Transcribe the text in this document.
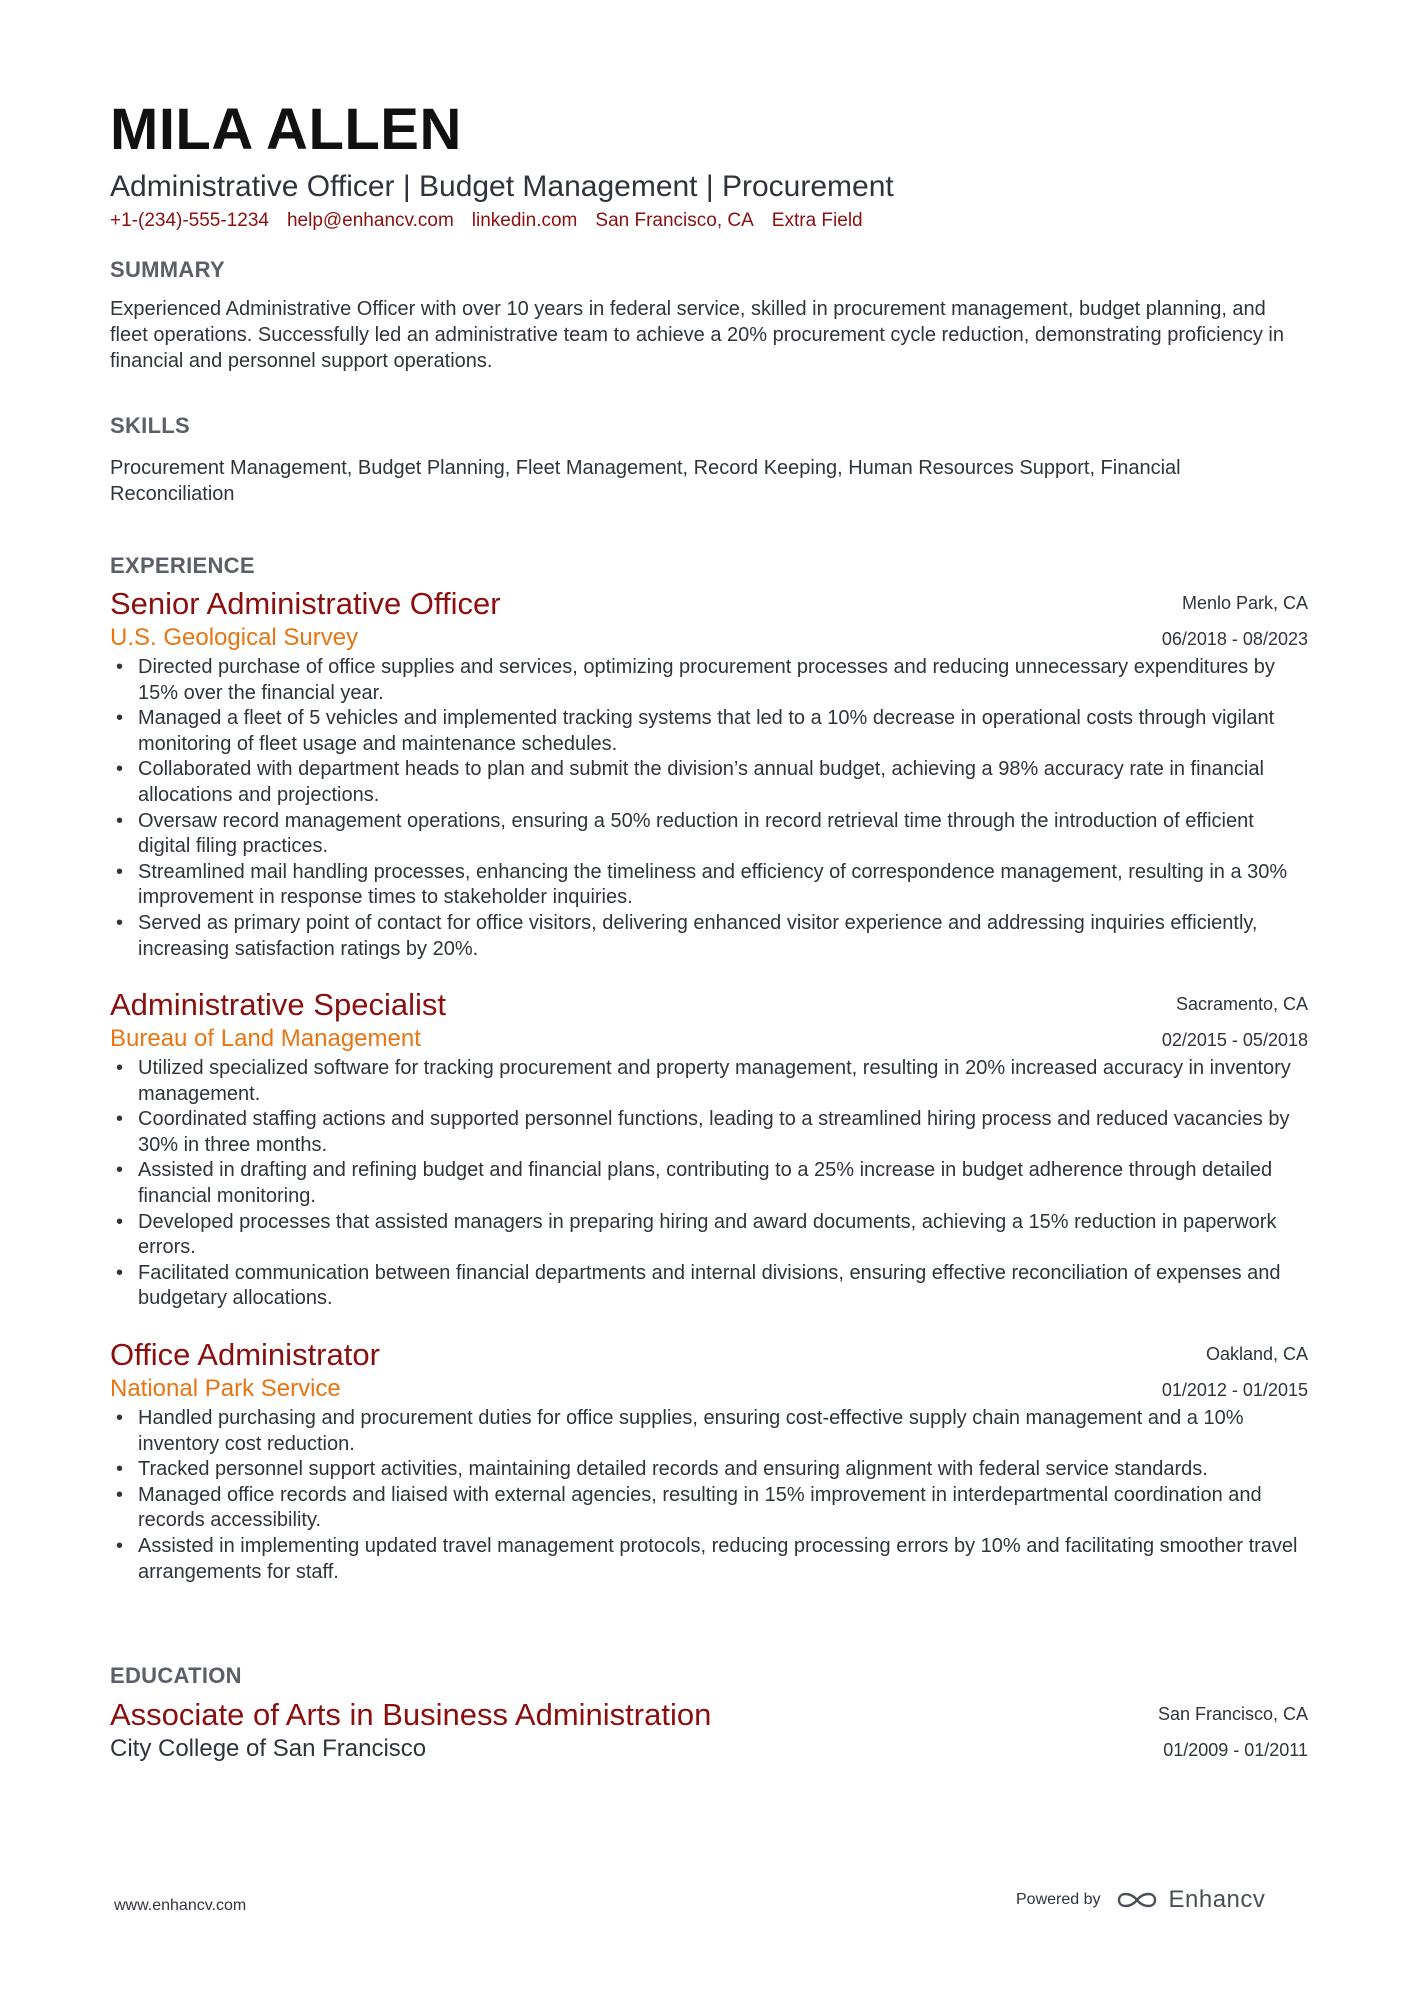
MILA ALLEN
Administrative Officer | Budget Management | Procurement
+1-(234)-555-1234 help@enhancv.com linkedin.com San Francisco, CA Extra Field
SUMMARY
Experienced Administrative Officer with over 10 years in federal service, skilled in procurement management, budget planning, and fleet operations. Successfully led an administrative team to achieve a 20% procurement cycle reduction, demonstrating proficiency in financial and personnel support operations.
SKILLS
Procurement Management, Budget Planning, Fleet Management, Record Keeping, Human Resources Support, Financial Reconciliation
EXPERIENCE
Senior Administrative Officer
U.S. Geological Survey
Menlo Park, CA
06/2018 - 08/2023
• Directed purchase of office supplies and services, optimizing procurement processes and reducing unnecessary expenditures by 15% over the financial year.
• Managed a fleet of 5 vehicles and implemented tracking systems that led to a 10% decrease in operational costs through vigilant monitoring of fleet usage and maintenance schedules.
• Collaborated with department heads to plan and submit the division’s annual budget, achieving a 98% accuracy rate in financial allocations and projections.
• Oversaw record management operations, ensuring a 50% reduction in record retrieval time through the introduction of efficient digital filing practices.
• Streamlined mail handling processes, enhancing the timeliness and efficiency of correspondence management, resulting in a 30% improvement in response times to stakeholder inquiries.
• Served as primary point of contact for office visitors, delivering enhanced visitor experience and addressing inquiries efficiently, increasing satisfaction ratings by 20%.
Administrative Specialist
Bureau of Land Management
Sacramento, CA
02/2015 - 05/2018
• Utilized specialized software for tracking procurement and property management, resulting in 20% increased accuracy in inventory management.
• Coordinated staffing actions and supported personnel functions, leading to a streamlined hiring process and reduced vacancies by 30% in three months.
• Assisted in drafting and refining budget and financial plans, contributing to a 25% increase in budget adherence through detailed financial monitoring.
• Developed processes that assisted managers in preparing hiring and award documents, achieving a 15% reduction in paperwork errors.
• Facilitated communication between financial departments and internal divisions, ensuring effective reconciliation of expenses and budgetary allocations.
Office Administrator
National Park Service
Oakland, CA
01/2012 - 01/2015
• Handled purchasing and procurement duties for office supplies, ensuring cost-effective supply chain management and a 10% inventory cost reduction.
• Tracked personnel support activities, maintaining detailed records and ensuring alignment with federal service standards.
• Managed office records and liaised with external agencies, resulting in 15% improvement in interdepartmental coordination and records accessibility.
• Assisted in implementing updated travel management protocols, reducing processing errors by 10% and facilitating smoother travel arrangements for staff.
EDUCATION
Associate of Arts in Business Administration
City College of San Francisco
San Francisco, CA
01/2009 - 01/2011
www.enhancv.com	Powered by	Enhancv
